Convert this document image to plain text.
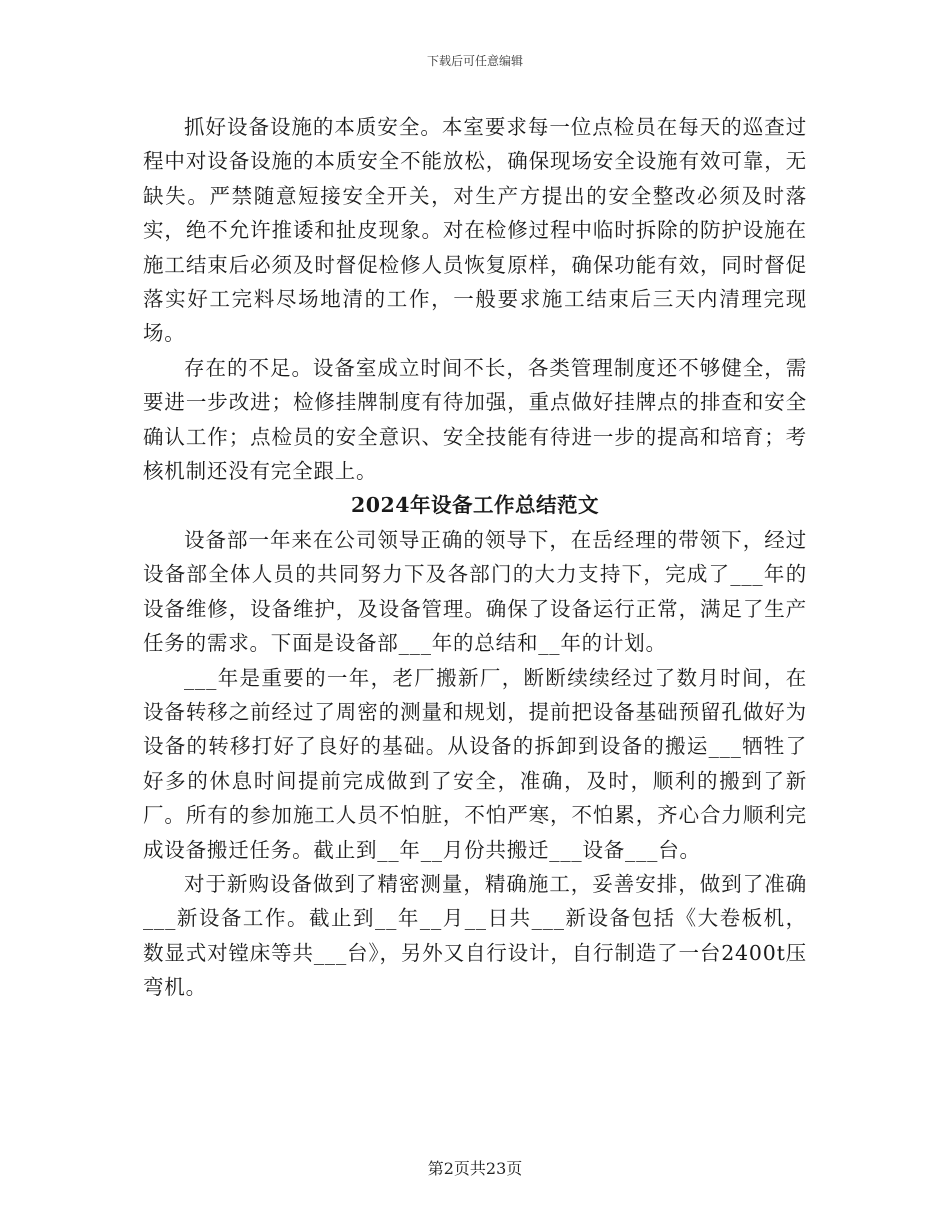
下载后可任意编辑

抓好设备设施的本质安全。本室要求每一位点检员在每天的巡查过程中对设备设施的本质安全不能放松，确保现场安全设施有效可靠，无缺失。严禁随意短接安全开关，对生产方提出的安全整改必须及时落实，绝不允许推诿和扯皮现象。对在检修过程中临时拆除的防护设施在施工结束后必须及时督促检修人员恢复原样，确保功能有效，同时督促落实好工完料尽场地清的工作，一般要求施工结束后三天内清理完现场。

存在的不足。设备室成立时间不长，各类管理制度还不够健全，需要进一步改进；检修挂牌制度有待加强，重点做好挂牌点的排查和安全确认工作；点检员的安全意识、安全技能有待进一步的提高和培育；考核机制还没有完全跟上。

2024年设备工作总结范文

设备部一年来在公司领导正确的领导下，在岳经理的带领下，经过设备部全体人员的共同努力下及各部门的大力支持下，完成了___年的设备维修，设备维护，及设备管理。确保了设备运行正常，满足了生产任务的需求。下面是设备部___年的总结和__年的计划。

___年是重要的一年，老厂搬新厂，断断续续经过了数月时间，在设备转移之前经过了周密的测量和规划，提前把设备基础预留孔做好为设备的转移打好了良好的基础。从设备的拆卸到设备的搬运___牺牲了好多的休息时间提前完成做到了安全，准确，及时，顺利的搬到了新厂。所有的参加施工人员不怕脏，不怕严寒，不怕累，齐心合力顺利完成设备搬迁任务。截止到__年__月份共搬迁___设备___台。

对于新购设备做到了精密测量，精确施工，妥善安排，做到了准确___新设备工作。截止到__年__月__日共___新设备包括《大卷板机，数显式对镗床等共___台》，另外又自行设计，自行制造了一台2400t压弯机。

第2页共23页
